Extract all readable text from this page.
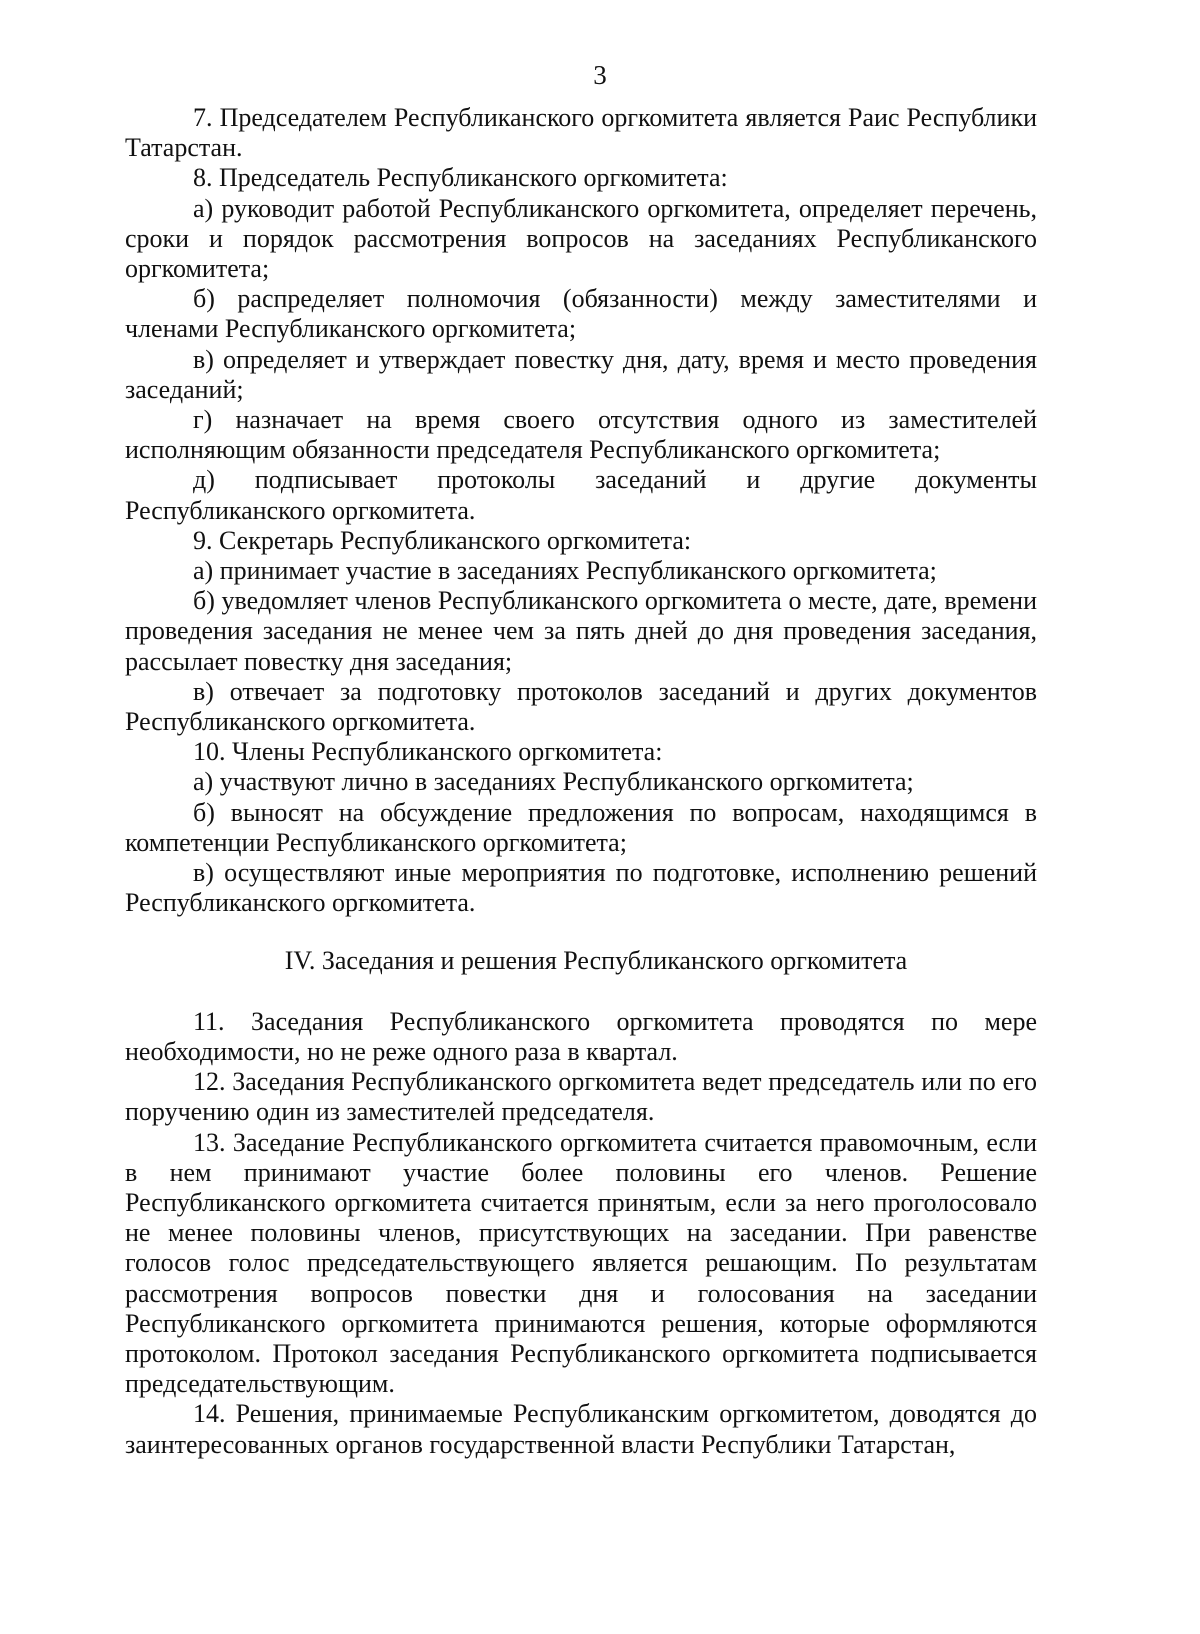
3

7. Председателем Республиканского оргкомитета является Раис Республики Татарстан.

8. Председатель Республиканского оргкомитета:

а) руководит работой Республиканского оргкомитета, определяет перечень, сроки и порядок рассмотрения вопросов на заседаниях Республиканского оргкомитета;

б) распределяет полномочия (обязанности) между заместителями и членами Республиканского оргкомитета;

в) определяет и утверждает повестку дня, дату, время и место проведения заседаний;

г) назначает на время своего отсутствия одного из заместителей исполняющим обязанности председателя Республиканского оргкомитета;

д) подписывает протоколы заседаний и другие документы Республиканского оргкомитета.

9. Секретарь Республиканского оргкомитета:

а) принимает участие в заседаниях Республиканского оргкомитета;

б) уведомляет членов Республиканского оргкомитета о месте, дате, времени проведения заседания не менее чем за пять дней до дня проведения заседания, рассылает повестку дня заседания;

в) отвечает за подготовку протоколов заседаний и других документов Республиканского оргкомитета.

10. Члены Республиканского оргкомитета:

а) участвуют лично в заседаниях Республиканского оргкомитета;

б) выносят на обсуждение предложения по вопросам, находящимся в компетенции Республиканского оргкомитета;

в) осуществляют иные мероприятия по подготовке, исполнению решений Республиканского оргкомитета.

IV. Заседания и решения Республиканского оргкомитета

11. Заседания Республиканского оргкомитета проводятся по мере необходимости, но не реже одного раза в квартал.

12. Заседания Республиканского оргкомитета ведет председатель или по его поручению один из заместителей председателя.

13. Заседание Республиканского оргкомитета считается правомочным, если в нем принимают участие более половины его членов. Решение Республиканского оргкомитета считается принятым, если за него проголосовало не менее половины членов, присутствующих на заседании. При равенстве голосов голос председательствующего является решающим. По результатам рассмотрения вопросов повестки дня и голосования на заседании Республиканского оргкомитета принимаются решения, которые оформляются протоколом. Протокол заседания Республиканского оргкомитета подписывается председательствующим.

14. Решения, принимаемые Республиканским оргкомитетом, доводятся до заинтересованных органов государственной власти Республики Татарстан,
